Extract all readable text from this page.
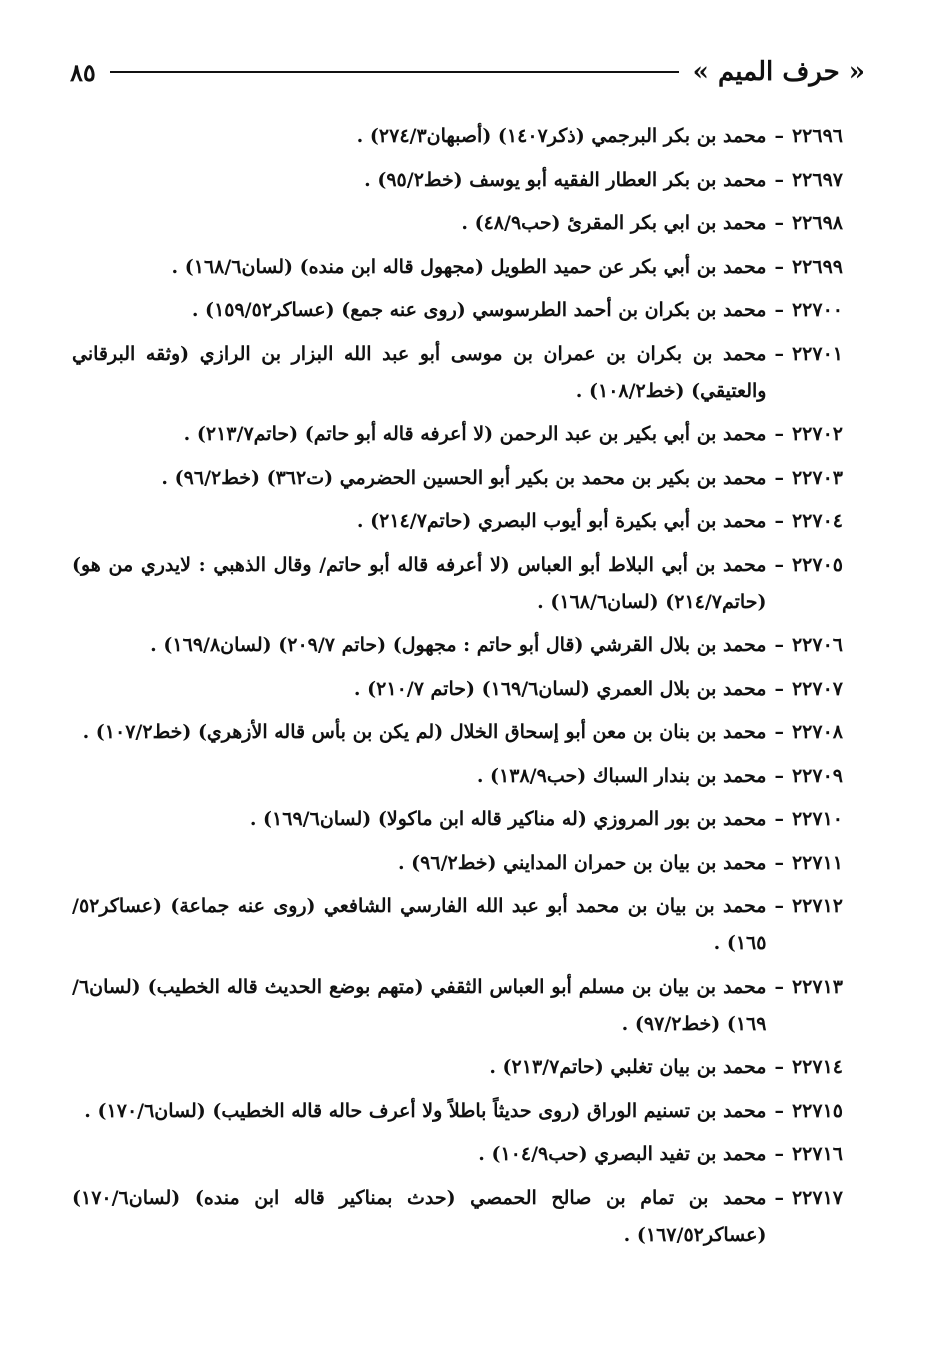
« حرف الميم »
٨٥
٢٢٦٩٦
–
محمد بن بكر البرجمي (ذكر١٤٠٧) (أصبهان٢٧٤/٣) .
٢٢٦٩٧
–
محمد بن بكر العطار الفقيه أبو يوسف (خط٩٥/٢) .
٢٢٦٩٨
–
محمد بن ابي بكر المقرئ (حب٤٨/٩) .
٢٢٦٩٩
–
محمد بن أبي بكر عن حميد الطويل (مجهول قاله ابن منده) (لسان١٦٨/٦) .
٢٢٧٠٠
–
محمد بن بكران بن أحمد الطرسوسي (روى عنه جمع) (عساكر١٥٩/٥٢) .
٢٢٧٠١
–
محمد بن بكران بن عمران بن موسى أبو عبد الله البزار بن الرازي (وثقه البرقاني والعتيقي) (خط١٠٨/٢) .
٢٢٧٠٢
–
محمد بن أبي بكير بن عبد الرحمن (لا أعرفه قاله أبو حاتم) (حاتم٢١٣/٧) .
٢٢٧٠٣
–
محمد بن بكير بن محمد بن بكير أبو الحسين الحضرمي (ت٣٦٢) (خط٩٦/٢) .
٢٢٧٠٤
–
محمد بن أبي بكيرة أبو أيوب البصري (حاتم٢١٤/٧) .
٢٢٧٠٥
–
محمد بن أبي البلاط أبو العباس (لا أعرفه قاله أبو حاتم/ وقال الذهبي : لايدري من هو) (حاتم٢١٤/٧) (لسان١٦٨/٦) .
٢٢٧٠٦
–
محمد بن بلال القرشي (قال أبو حاتم : مجهول) (حاتم ٢٠٩/٧) (لسان١٦٩/٨) .
٢٢٧٠٧
–
محمد بن بلال العمري (لسان١٦٩/٦) (حاتم ٢١٠/٧) .
٢٢٧٠٨
–
محمد بن بنان بن معن أبو إسحاق الخلال (لم يكن بن بأس قاله الأزهري) (خط١٠٧/٢) .
٢٢٧٠٩
–
محمد بن بندار السباك (حب١٣٨/٩) .
٢٢٧١٠
–
محمد بن بور المروزي (له مناكير قاله ابن ماكولا) (لسان١٦٩/٦) .
٢٢٧١١
–
محمد بن بيان بن حمران المدايني (خط٩٦/٢) .
٢٢٧١٢
–
محمد بن بيان بن محمد أبو عبد الله الفارسي الشافعي (روى عنه جماعة) (عساكر٥٢/ ١٦٥) .
٢٢٧١٣
–
محمد بن بيان بن مسلم أبو العباس الثقفي (متهم بوضع الحديث قاله الخطيب) (لسان٦/ ١٦٩) (خط٩٧/٢) .
٢٢٧١٤
–
محمد بن بيان تغلبي (حاتم٢١٣/٧) .
٢٢٧١٥
–
محمد بن تسنيم الوراق (روى حديثاً باطلاً ولا أعرف حاله قاله الخطيب) (لسان١٧٠/٦) .
٢٢٧١٦
–
محمد بن تفيد البصري (حب١٠٤/٩) .
٢٢٧١٧
–
محمد بن تمام بن صالح الحمصي (حدث بمناكير قاله ابن منده) (لسان١٧٠/٦) (عساكر١٦٧/٥٢) .
